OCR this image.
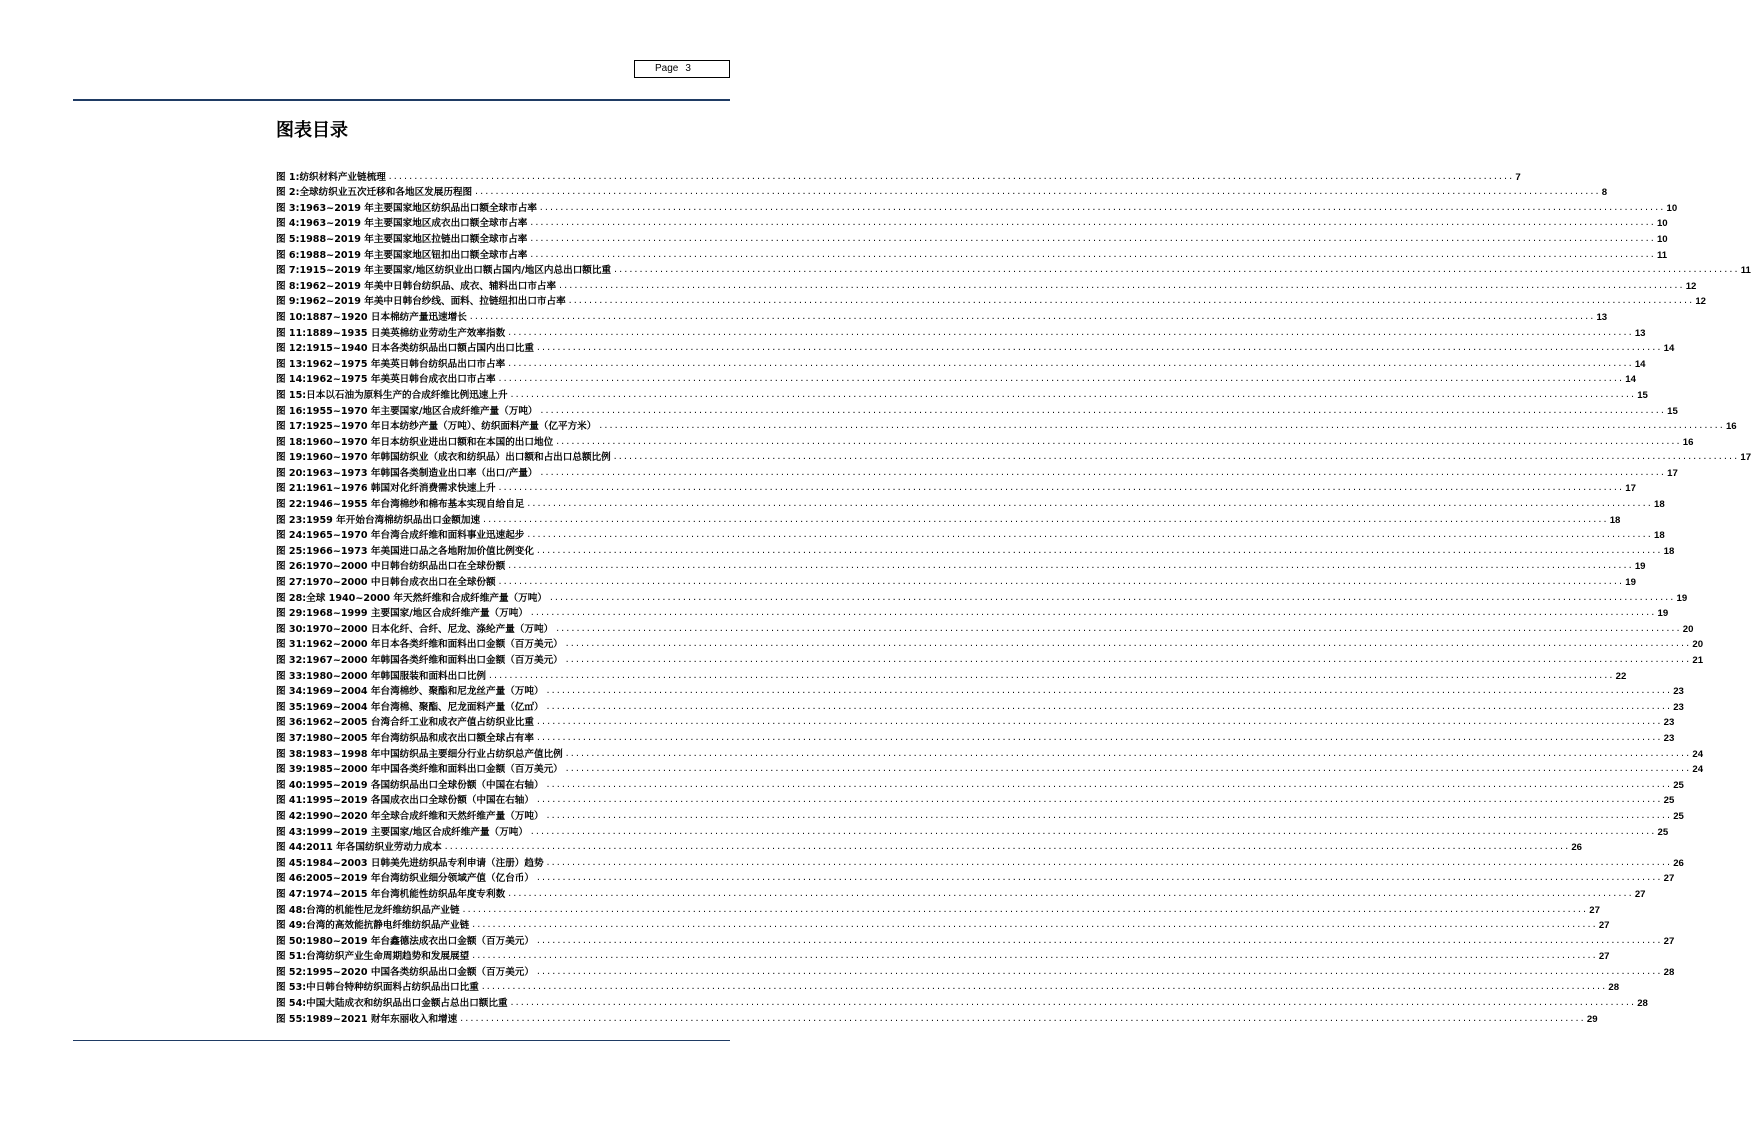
Page 3
图表目录
图 1: 纺织材料产业链梳理 ............................................................................................................................................................................................................................ 7
图 2: 全球纺织业五次迁移和各地区发展历程图 ............................................................................................................................................................................................................................ 8
图 3: 1963~2019 年主要国家地区纺织品出口额全球市占率 ............................................................................................................................................................................................................................ 10
图 4: 1963~2019 年主要国家地区成衣出口额全球市占率 ............................................................................................................................................................................................................................ 10
图 5: 1988~2019 年主要国家地区拉链出口额全球市占率 ............................................................................................................................................................................................................................ 10
图 6: 1988~2019 年主要国家地区钮扣出口额全球市占率 ............................................................................................................................................................................................................................ 11
图 7: 1915~2019 年主要国家/地区纺织业出口额占国内/地区内总出口额比重 ............................................................................................................................................................................................................................ 11
图 8: 1962~2019 年美中日韩台纺织品、成衣、辅料出口市占率 ............................................................................................................................................................................................................................ 12
图 9: 1962~2019 年美中日韩台纱线、面料、拉链纽扣出口市占率 ............................................................................................................................................................................................................................ 12
图 10: 1887~1920 日本棉纺产量迅速增长 ............................................................................................................................................................................................................................ 13
图 11: 1889~1935 日美英棉纺业劳动生产效率指数 ............................................................................................................................................................................................................................ 13
图 12: 1915~1940 日本各类纺织品出口额占国内出口比重 ............................................................................................................................................................................................................................ 14
图 13: 1962~1975 年美英日韩台纺织品出口市占率 ............................................................................................................................................................................................................................ 14
图 14: 1962~1975 年美英日韩台成衣出口市占率 ............................................................................................................................................................................................................................ 14
图 15: 日本以石油为原料生产的合成纤维比例迅速上升 ............................................................................................................................................................................................................................ 15
图 16: 1955~1970 年主要国家/地区合成纤维产量（万吨） ............................................................................................................................................................................................................................ 15
图 17: 1925~1970 年日本纺纱产量（万吨）、纺织面料产量（亿平方米） ............................................................................................................................................................................................................................ 16
图 18: 1960~1970 年日本纺织业进出口额和在本国的出口地位 ............................................................................................................................................................................................................................ 16
图 19: 1960~1970 年韩国纺织业（成衣和纺织品）出口额和占出口总额比例 ............................................................................................................................................................................................................................ 17
图 20: 1963~1973 年韩国各类制造业出口率（出口/产量） ............................................................................................................................................................................................................................ 17
图 21: 1961~1976 韩国对化纤消费需求快速上升 ............................................................................................................................................................................................................................ 17
图 22: 1946~1955 年台湾棉纱和棉布基本实现自给自足 ............................................................................................................................................................................................................................ 18
图 23: 1959 年开始台湾棉纺织品出口金额加速 ............................................................................................................................................................................................................................ 18
图 24: 1965~1970 年台湾合成纤维和面料事业迅速起步 ............................................................................................................................................................................................................................ 18
图 25: 1966~1973 年美国进口品之各地附加价值比例变化 ............................................................................................................................................................................................................................ 18
图 26: 1970~2000 中日韩台纺织品出口在全球份额 ............................................................................................................................................................................................................................ 19
图 27: 1970~2000 中日韩台成衣出口在全球份额 ............................................................................................................................................................................................................................ 19
图 28: 全球 1940~2000 年天然纤维和合成纤维产量（万吨） ............................................................................................................................................................................................................................ 19
图 29: 1968~1999 主要国家/地区合成纤维产量（万吨） ............................................................................................................................................................................................................................ 19
图 30: 1970~2000 日本化纤、合纤、尼龙、涤纶产量（万吨） ............................................................................................................................................................................................................................ 20
图 31: 1962~2000 年日本各类纤维和面料出口金额（百万美元） ............................................................................................................................................................................................................................ 20
图 32: 1967~2000 年韩国各类纤维和面料出口金额（百万美元） ............................................................................................................................................................................................................................ 21
图 33: 1980~2000 年韩国服装和面料出口比例 ............................................................................................................................................................................................................................ 22
图 34: 1969~2004 年台湾棉纱、聚酯和尼龙丝产量（万吨） ............................................................................................................................................................................................................................ 23
图 35: 1969~2004 年台湾棉、聚酯、尼龙面料产量（亿㎡） ............................................................................................................................................................................................................................ 23
图 36: 1962~2005 台湾合纤工业和成衣产值占纺织业比重 ............................................................................................................................................................................................................................ 23
图 37: 1980~2005 年台湾纺织品和成衣出口额全球占有率 ............................................................................................................................................................................................................................ 23
图 38: 1983~1998 年中国纺织品主要细分行业占纺织总产值比例 ............................................................................................................................................................................................................................ 24
图 39: 1985~2000 年中国各类纤维和面料出口金额（百万美元） ............................................................................................................................................................................................................................ 24
图 40: 1995~2019 各国纺织品出口全球份额（中国在右轴） ............................................................................................................................................................................................................................ 25
图 41: 1995~2019 各国成衣出口全球份额（中国在右轴） ............................................................................................................................................................................................................................ 25
图 42: 1990~2020 年全球合成纤维和天然纤维产量（万吨） ............................................................................................................................................................................................................................ 25
图 43: 1999~2019 主要国家/地区合成纤维产量（万吨） ............................................................................................................................................................................................................................ 25
图 44: 2011 年各国纺织业劳动力成本 ............................................................................................................................................................................................................................ 26
图 45: 1984~2003 日韩美先进纺织品专利申请（注册）趋势 ............................................................................................................................................................................................................................ 26
图 46: 2005~2019 年台湾纺织业细分领域产值（亿台币） ............................................................................................................................................................................................................................ 27
图 47: 1974~2015 年台湾机能性纺织品年度专利数 ............................................................................................................................................................................................................................ 27
图 48: 台湾的机能性尼龙纤维纺织品产业链 ............................................................................................................................................................................................................................ 27
图 49: 台湾的高效能抗静电纤维纺织品产业链 ............................................................................................................................................................................................................................ 27
图 50: 1980~2019 年台鑫德法成衣出口金额（百万美元） ............................................................................................................................................................................................................................ 27
图 51: 台湾纺织产业生命周期趋势和发展展望 ............................................................................................................................................................................................................................ 27
图 52: 1995~2020 中国各类纺织品出口金额（百万美元） ............................................................................................................................................................................................................................ 28
图 53: 中日韩台特种纺织面料占纺织品出口比重 ............................................................................................................................................................................................................................ 28
图 54: 中国大陆成衣和纺织品出口金额占总出口额比重 ............................................................................................................................................................................................................................ 28
图 55: 1989~2021 财年东丽收入和增速 ............................................................................................................................................................................................................................ 29
